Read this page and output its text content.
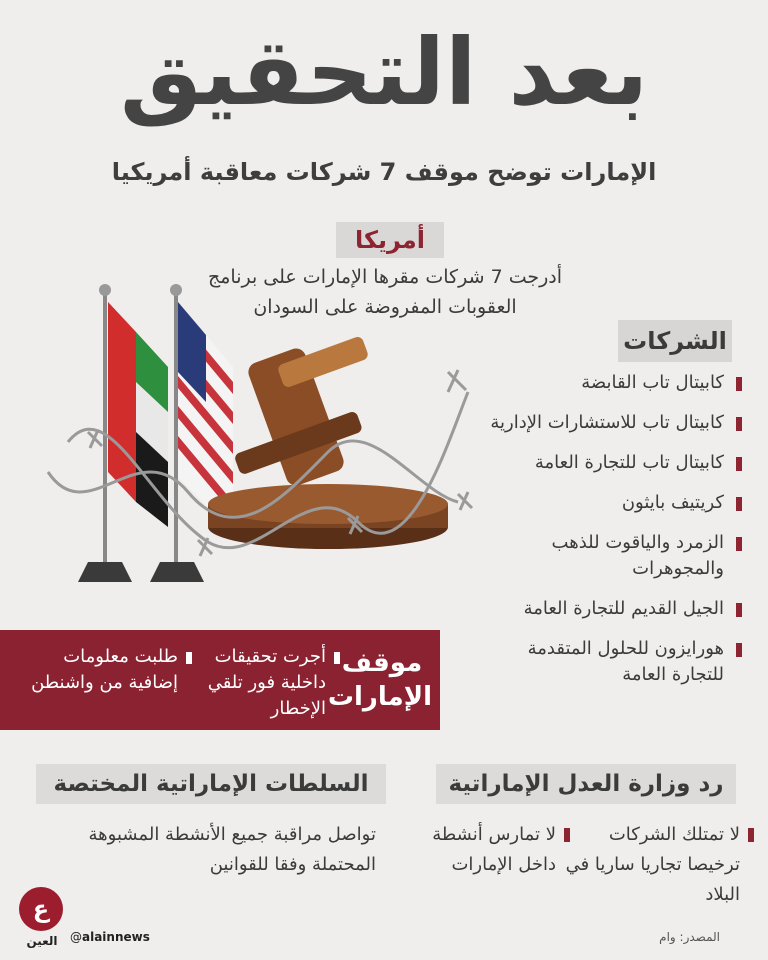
بعد التحقيق
الإمارات توضح موقف 7 شركات معاقبة أمريكيا
أمريكا
أدرجت 7 شركات مقرها الإمارات على برنامج العقوبات المفروضة على السودان
الشركات
كابيتال تاب القابضة
كابيتال تاب للاستشارات الإدارية
كابيتال تاب للتجارة العامة
كريتيف بايثون
الزمرد والياقوت للذهب والمجوهرات
الجيل القديم للتجارة العامة
هورايزون للحلول المتقدمة للتجارة العامة
موقف
الإمارات
أجرت تحقيقات داخلية فور تلقي الإخطار
طلبت معلومات إضافية من واشنطن
رد وزارة العدل الإماراتية
لا تمتلك الشركات ترخيصا تجاريا ساريا في البلاد
لا تمارس أنشطة داخل الإمارات
السلطات الإماراتية المختصة
تواصل مراقبة جميع الأنشطة المشبوهة المحتملة وفقا للقوانين
ع
العين	@alainnews	المصدر: وام
